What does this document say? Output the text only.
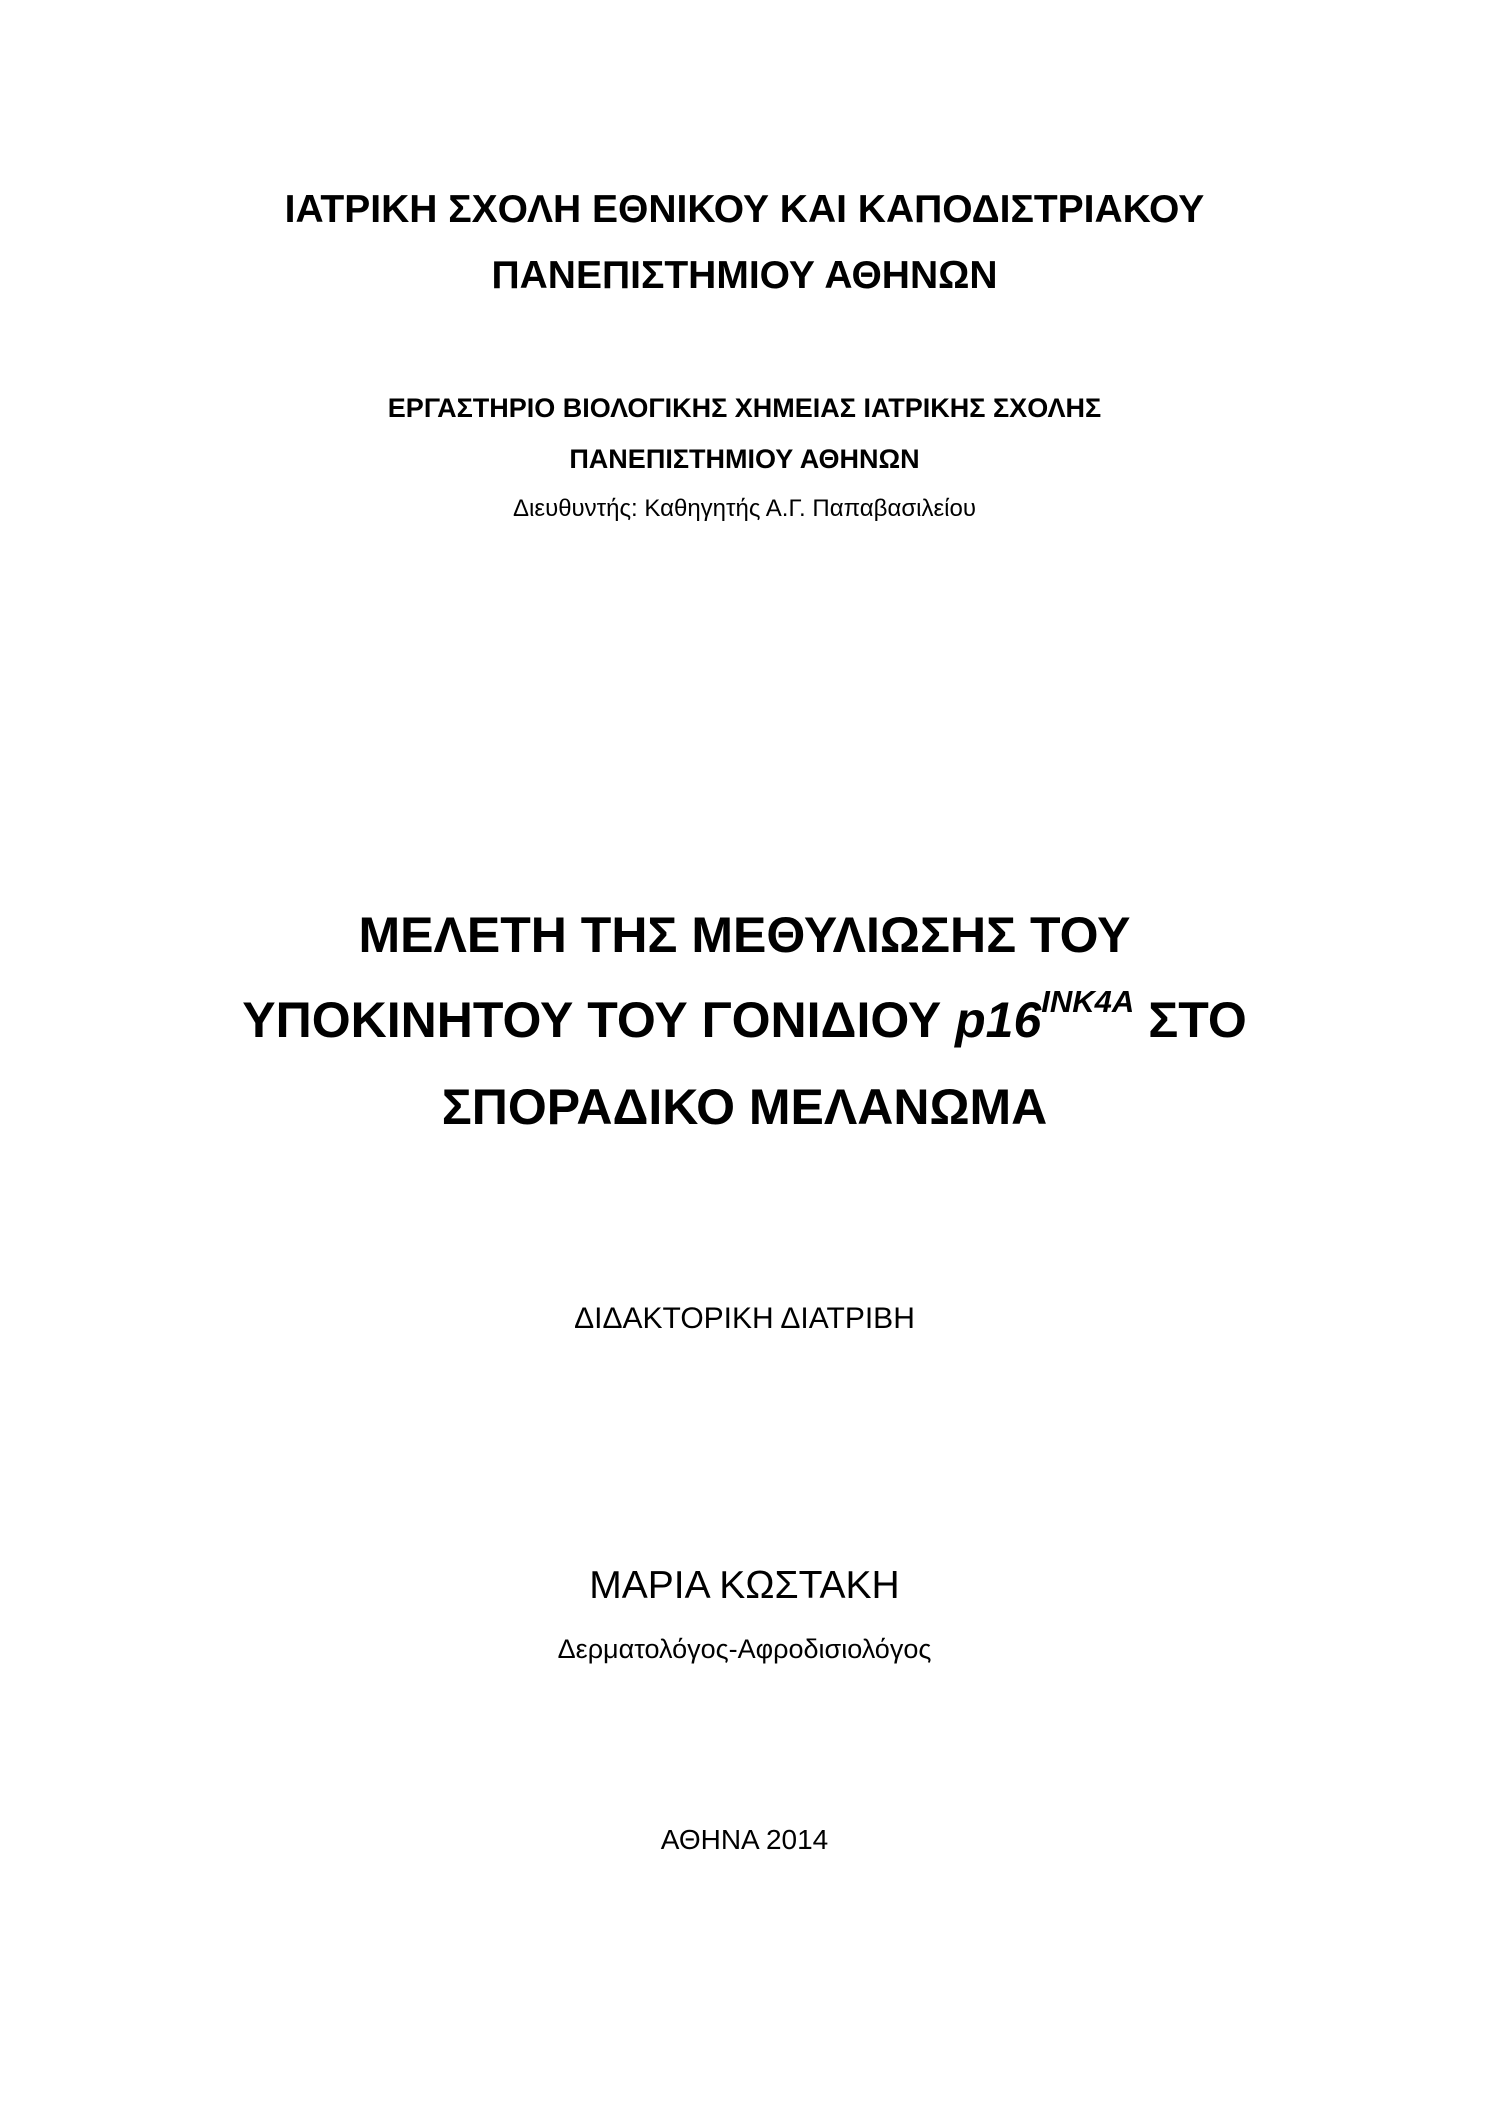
ΙΑΤΡΙΚΗ ΣΧΟΛΗ ΕΘΝΙΚΟΥ ΚΑΙ ΚΑΠΟΔΙΣΤΡΙΑΚΟΥ
ΠΑΝΕΠΙΣΤΗΜΙΟΥ ΑΘΗΝΩΝ
ΕΡΓΑΣΤΗΡΙΟ ΒΙΟΛΟΓΙΚΗΣ ΧΗΜΕΙΑΣ ΙΑΤΡΙΚΗΣ ΣΧΟΛΗΣ
ΠΑΝΕΠΙΣΤΗΜΙΟΥ ΑΘΗΝΩΝ
Διευθυντής: Καθηγητής Α.Γ. Παπαβασιλείου
ΜΕΛΕΤΗ ΤΗΣ ΜΕΘΥΛΙΩΣΗΣ ΤΟΥ
ΥΠΟΚΙΝΗΤΟΥ ΤΟΥ ΓΟΝΙΔΙΟΥ $p16^{INK4A}$ ΣΤΟ
ΣΠΟΡΑΔΙΚΟ ΜΕΛΑΝΩΜΑ
ΔΙΔΑΚΤΟΡΙΚΗ ΔΙΑΤΡΙΒΗ
ΜΑΡΙΑ ΚΩΣΤΑΚΗ
Δερματολόγος-Αφροδισιολόγος
ΑΘΗΝΑ 2014
